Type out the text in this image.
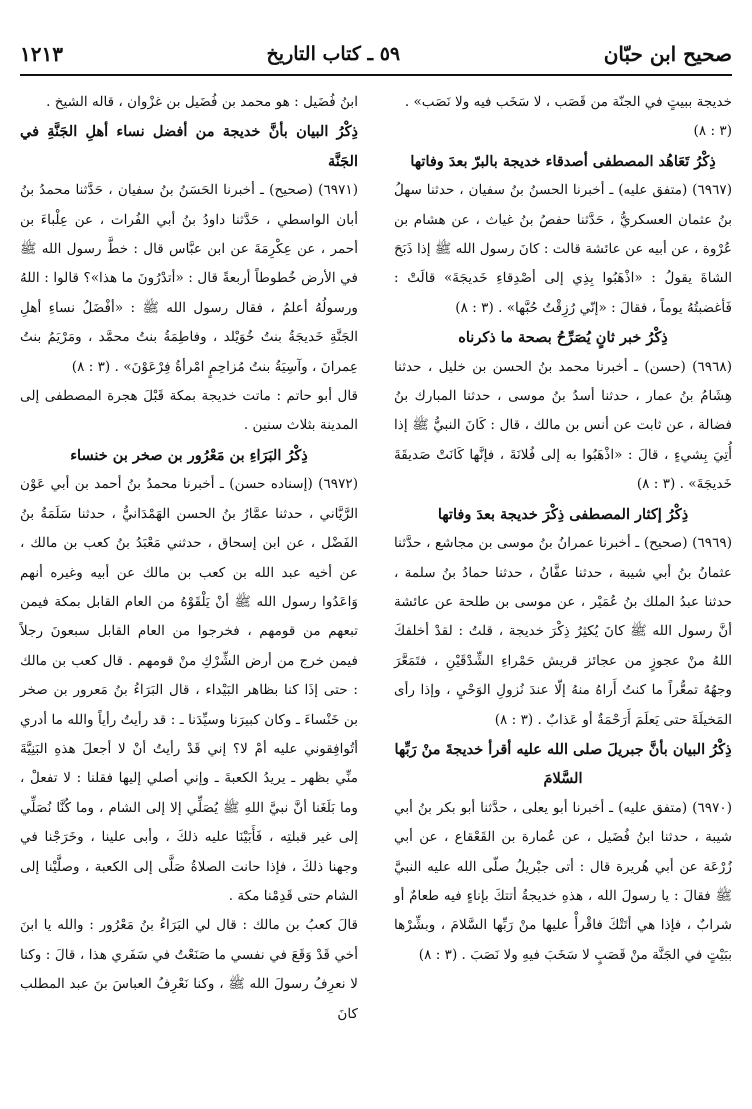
صحيح ابن حبّان
٥٩ ـ كتاب التاريخ
١٢١٣

خديجة ببيتٍ في الجنّة من قَصَب ، لا سَخَب فيه ولا نَصَب» .

(٣ : ٨)

ذِكْرُ تَعَاهُد المصطفى أصدقاء خديجة بالبرّ بعدَ وفاتها

(٦٩٦٧) (متفق عليه) ـ أخبرنا الحسنُ بنُ سفيان ، حدثنا سهلُ بنُ عثمان العسكريُّ ، حَدَّثنا حفصُ بنُ غياث ، عن هشام بن عُرْوة ، عن أبيه عن عائشة قالت : كانَ رسول الله ﷺ إذا ذَبَحَ الشاةَ يقولُ : «اذْهَبُوا بِذِي إلى أصْدِقاءِ خَديجَةَ» قالَتْ : فَأغضبتُهُ يوماً ، فقالَ : «إنّي رُزِقْتُ حُبَّها» . (٣ : ٨)

ذِكْرُ خبر ثانٍ يُصَرِّحُ بصحة ما ذكرناه

(٦٩٦٨) (حسن) ـ أخبرنا محمد بنُ الحسن بن خليل ، حدثنا هِشَامُ بنُ عمار ، حدثنا أسدُ بنُ موسى ، حدثنا المبارك بنُ فضالة ، عن ثابت عن أنس بن مالك ، قال : كَانَ النبيُّ ﷺ إذا أُتِيَ بِشيءٍ ، قالَ : «اذْهَبُوا به إلى فُلانَةَ ، فإنَّها كَانَتْ صَديقَةَ خَديجَةَ» . (٣ : ٨)

ذِكْرُ إكثار المصطفى ذِكْرَ خديجة بعدَ وفاتها

(٦٩٦٩) (صحيح) ـ أخبرنا عمرانُ بنُ موسى بن مجاشع ، حدَّثنا عثمانُ بنُ أبي شيبة ، حدثنا عفَّانُ ، حدثنا حمادُ بنُ سلمة ، حدثنا عبدُ الملك بنُ عُمَيْر ، عن موسى بن طلحة عن عائشة أنَّ رسول الله ﷺ كانَ يُكثِرُ ذِكْرَ خديجة ، قلتُ : لقدْ أخلفكَ اللهُ منْ عجوزٍ من عجائز قريش حَمْراءِ الشِّدْقَيْنِ ، فتَمَعَّرَ وجهُهُ تمعُّراً ما كنتُ أَراهُ منهُ إلّا عندَ نُزولِ الوَحْيِ ، وإذا رأى المَخيلَةَ حتى يَعلَمَ أَرَحْمَةٌ أو عَذابٌ . (٣ : ٨)

ذِكْرُ البيان بأنَّ جبريلَ صلى الله عليه أقرأ خديجةَ منْ رَبِّها السَّلامَ

(٦٩٧٠) (متفق عليه) ـ أخبرنا أبو يعلى ، حدَّثنا أبو بكر بنُ أبي شيبة ، حدثنا ابنُ فُضَيل ، عن عُمارة بن القَعْقاع ، عن أبي زُرْعَة عن أبي هُريرة قال : أتى جبْريلُ صلّى الله عليه النبيَّ ﷺ فقالَ : يا رسولَ الله ، هذهِ خديجةُ أتتكَ بإناءٍ فيه طعامٌ أو شرابٌ ، فإذا هي أتَتْكَ فاقْرأْ عليها منْ رَبِّها السَّلامَ ، وبشِّرْها ببَيْتٍ في الجَنَّة منْ قَصَبٍ لا سَخَبَ فيهِ ولا نَصَبَ . (٣ : ٨)

ابنُ فُضَيل : هو محمد بن فُضَيل بن غزْوان ، قاله الشيخ .

ذِكْرُ البيان بأنَّ خديجة من أفضل نساء أهلِ الجَنَّةِ في الجَنَّة

(٦٩٧١) (صحيح) ـ أخبرنا الحَسَنُ بنُ سفيان ، حَدَّثنا محمدُ بنُ أبان الواسطي ، حَدَّثنا داودُ بنُ أبي الفُرات ، عن عِلْباءَ بن أحمر ، عن عِكْرِمَةَ عن ابن عبَّاس قال : خطَّ رسول الله ﷺ في الأرض خُطوطاً أربعةً قال : «أتدْرُونَ ما هذا»؟ قالوا : اللهُ ورسولُهُ أعلمُ ، فقال رسول الله ﷺ : «أفْضَلُ نساءِ أهلِ الجَنَّةِ خَديجَةُ بنتُ خُوَيْلد ، وفاطِمَةُ بنتُ محمَّد ، ومَرْيَمُ بنتُ عِمرانَ ، وآسِيَةُ بنتُ مُزاحِمٍ امْرأةُ فِرْعَوْنَ» . (٣ : ٨)

قال أبو حاتم : ماتت خديجة بمكة قَبْلَ هجرة المصطفى إلى المدينة بثلاث سنين .

ذِكْرُ البَرَاءِ بن مَعْرُور بن صخر بن خنساء

(٦٩٧٢) (إسناده حسن) ـ أخبرنا محمدُ بنُ أحمد بن أبي عَوْن الرَّيَّاني ، حدثنا عمَّارُ بنُ الحسن الهَمْدَانيُّ ، حدثنا سَلَمَةُ بنُ الفَضْل ، عن ابن إسحاق ، حدثني مَعْبَدُ بنُ كعب بن مالك ، عن أخيه عبد الله بن كعب بن مالك عن أبيه وغيره أنهم وَاعَدُوا رسول الله ﷺ أنْ يَلْقَوْهُ من العام القابل بمكة فيمن تبعهم من قومهم ، فخرجوا من العام القابل سبعونَ رجلاً فيمن خرج من أرض الشِّرْكِ منْ قومهم . قال كعب بن مالك : حتى إذَا كنا بظاهر البَيْداء ، قال البَرَاءُ بنُ مَعرور بن صخر بن خَنْساءَ ـ وكان كبيرَنا وسيِّدَنا ـ : قد رأيتُ رأياً والله ما أدري أتُوافِقوني عليه أمْ لا؟ إني قَدْ رأيتُ أنْ لا أجعلَ هذهِ البَنِيَّةَ منِّي بظهر ـ يريدُ الكعبةَ ـ وإني أصلي إليها فقلنا : لا تفعلْ ، وما بَلَغَنا أنَّ نبيَّ اللهِ ﷺ يُصَلِّي إلا إلى الشام ، وما كُنَّا نُصَلِّي إلى غير قبلتِه ، فَأَبَيْنَا عليه ذلكَ ، وأبى علينا ، وخَرَجْنا في وجهنا ذلكَ ، فإذا حانت الصلاةُ صَلَّى إلى الكعبة ، وصلَّيْنا إلى الشام حتى قَدِمْنا مكة .

قالَ كعبُ بن مالك : قال لي البَرَاءُ بنُ مَعْرُور : والله يا ابنَ أخي قَدْ وَقَعَ في نفسي ما صَنَعْتُ في سَفَري هذا ، قالَ : وكنا لا نعرِفُ رسولَ الله ﷺ ، وكنا نَعْرِفُ العباسَ بنَ عبد المطلب كانَ
